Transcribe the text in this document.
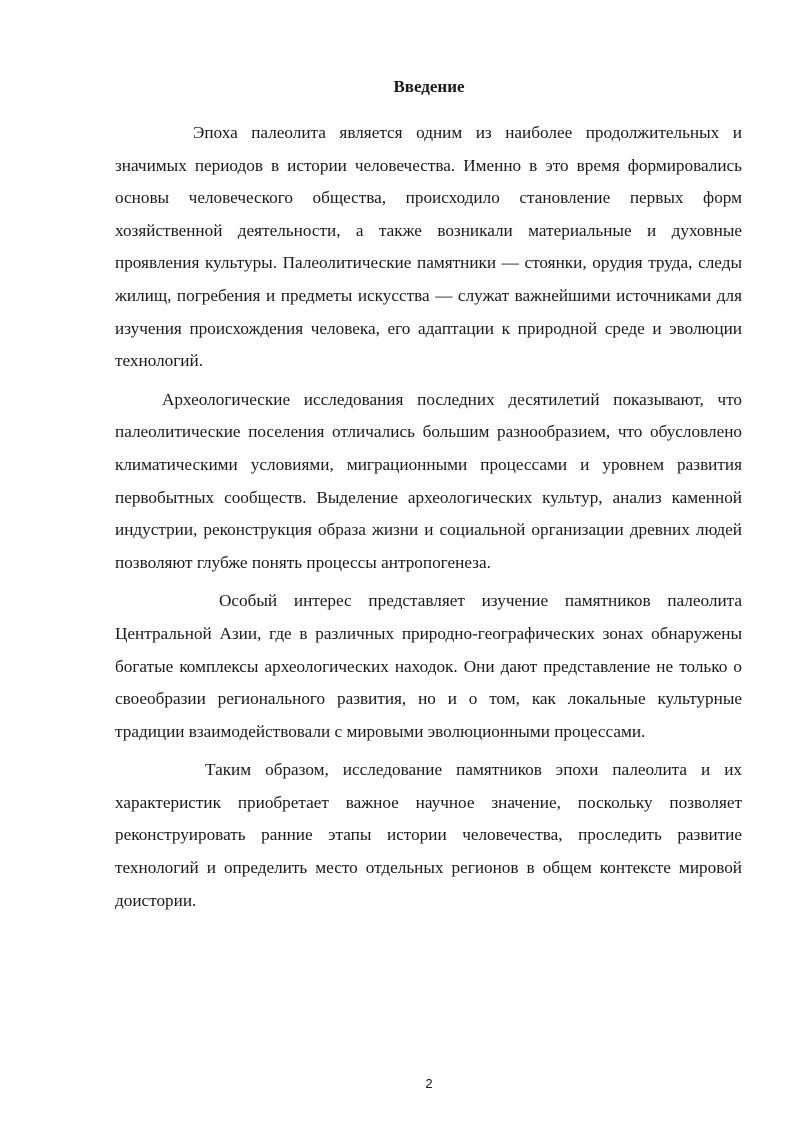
Введение

Эпоха палеолита является одним из наиболее продолжительных и значимых периодов в истории человечества. Именно в это время формировались основы человеческого общества, происходило становление первых форм хозяйственной деятельности, а также возникали материальные и духовные проявления культуры. Палеолитические памятники — стоянки, орудия труда, следы жилищ, погребения и предметы искусства — служат важнейшими источниками для изучения происхождения человека, его адаптации к природной среде и эволюции технологий.

Археологические исследования последних десятилетий показывают, что палеолитические поселения отличались большим разнообразием, что обусловлено климатическими условиями, миграционными процессами и уровнем развития первобытных сообществ. Выделение археологических культур, анализ каменной индустрии, реконструкция образа жизни и социальной организации древних людей позволяют глубже понять процессы антропогенеза.

Особый интерес представляет изучение памятников палеолита Центральной Азии, где в различных природно-географических зонах обнаружены богатые комплексы археологических находок. Они дают представление не только о своеобразии регионального развития, но и о том, как локальные культурные традиции взаимодействовали с мировыми эволюционными процессами.

Таким образом, исследование памятников эпохи палеолита и их характеристик приобретает важное научное значение, поскольку позволяет реконструировать ранние этапы истории человечества, проследить развитие технологий и определить место отдельных регионов в общем контексте мировой доистории.

2
